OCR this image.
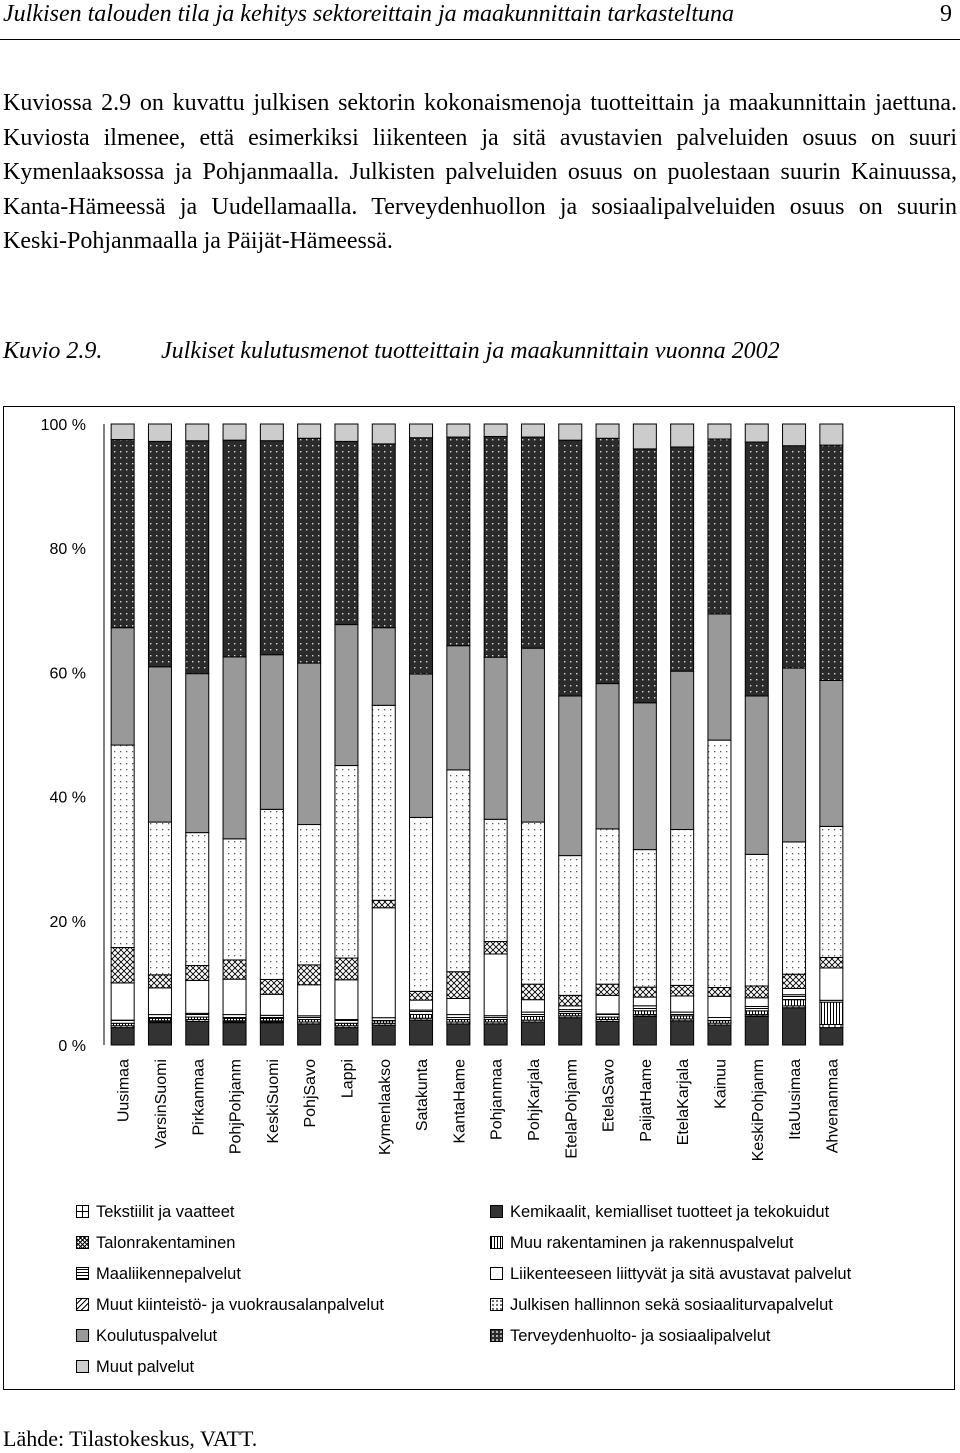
Julkisen talouden tila ja kehitys sektoreittain ja maakunnittain tarkasteltuna	9
Kuviossa 2.9 on kuvattu julkisen sektorin kokonaismenoja tuotteittain ja maakunnittain jaettuna. Kuviosta ilmenee, että esimerkiksi liikenteen ja sitä avustavien palveluiden osuus on suuri Kymenlaaksossa ja Pohjanmaalla. Julkisten palveluiden osuus on puolestaan suurin Kainuussa, Kanta-Hämeessä ja Uudellamaalla. Terveydenhuollon ja sosiaalipalveluiden osuus on suurin Keski-Pohjanmaalla ja Päijät-Hämeessä.
Kuvio 2.9. Julkiset kulutusmenot tuotteittain ja maakunnittain vuonna 2002
0 %
20 %
40 %
60 %
80 %
100 %
Uusimaa VarsinSuomi Pirkanmaa PohjPohjanm KeskiSuomi PohjSavo Lappi Kymenlaakso Satakunta KantaHame Pohjanmaa PohjKarjala EtelaPohjanm EtelaSavo PaijatHame EtelaKarjala Kainuu KeskiPohjanm ItaUusimaa Ahvenanmaa
Tekstiilit ja vaatteet
Talonrakentaminen
Maaliikennepalvelut
Muut kiinteistö- ja vuokrausalanpalvelut
Koulutuspalvelut
Muut palvelut
Kemikaalit, kemialliset tuotteet ja tekokuidut
Muu rakentaminen ja rakennuspalvelut
Liikenteeseen liittyvät ja sitä avustavat palvelut
Julkisen hallinnon sekä sosiaaliturvapalvelut
Terveydenhuolto- ja sosiaalipalvelut
Lähde: Tilastokeskus, VATT.
